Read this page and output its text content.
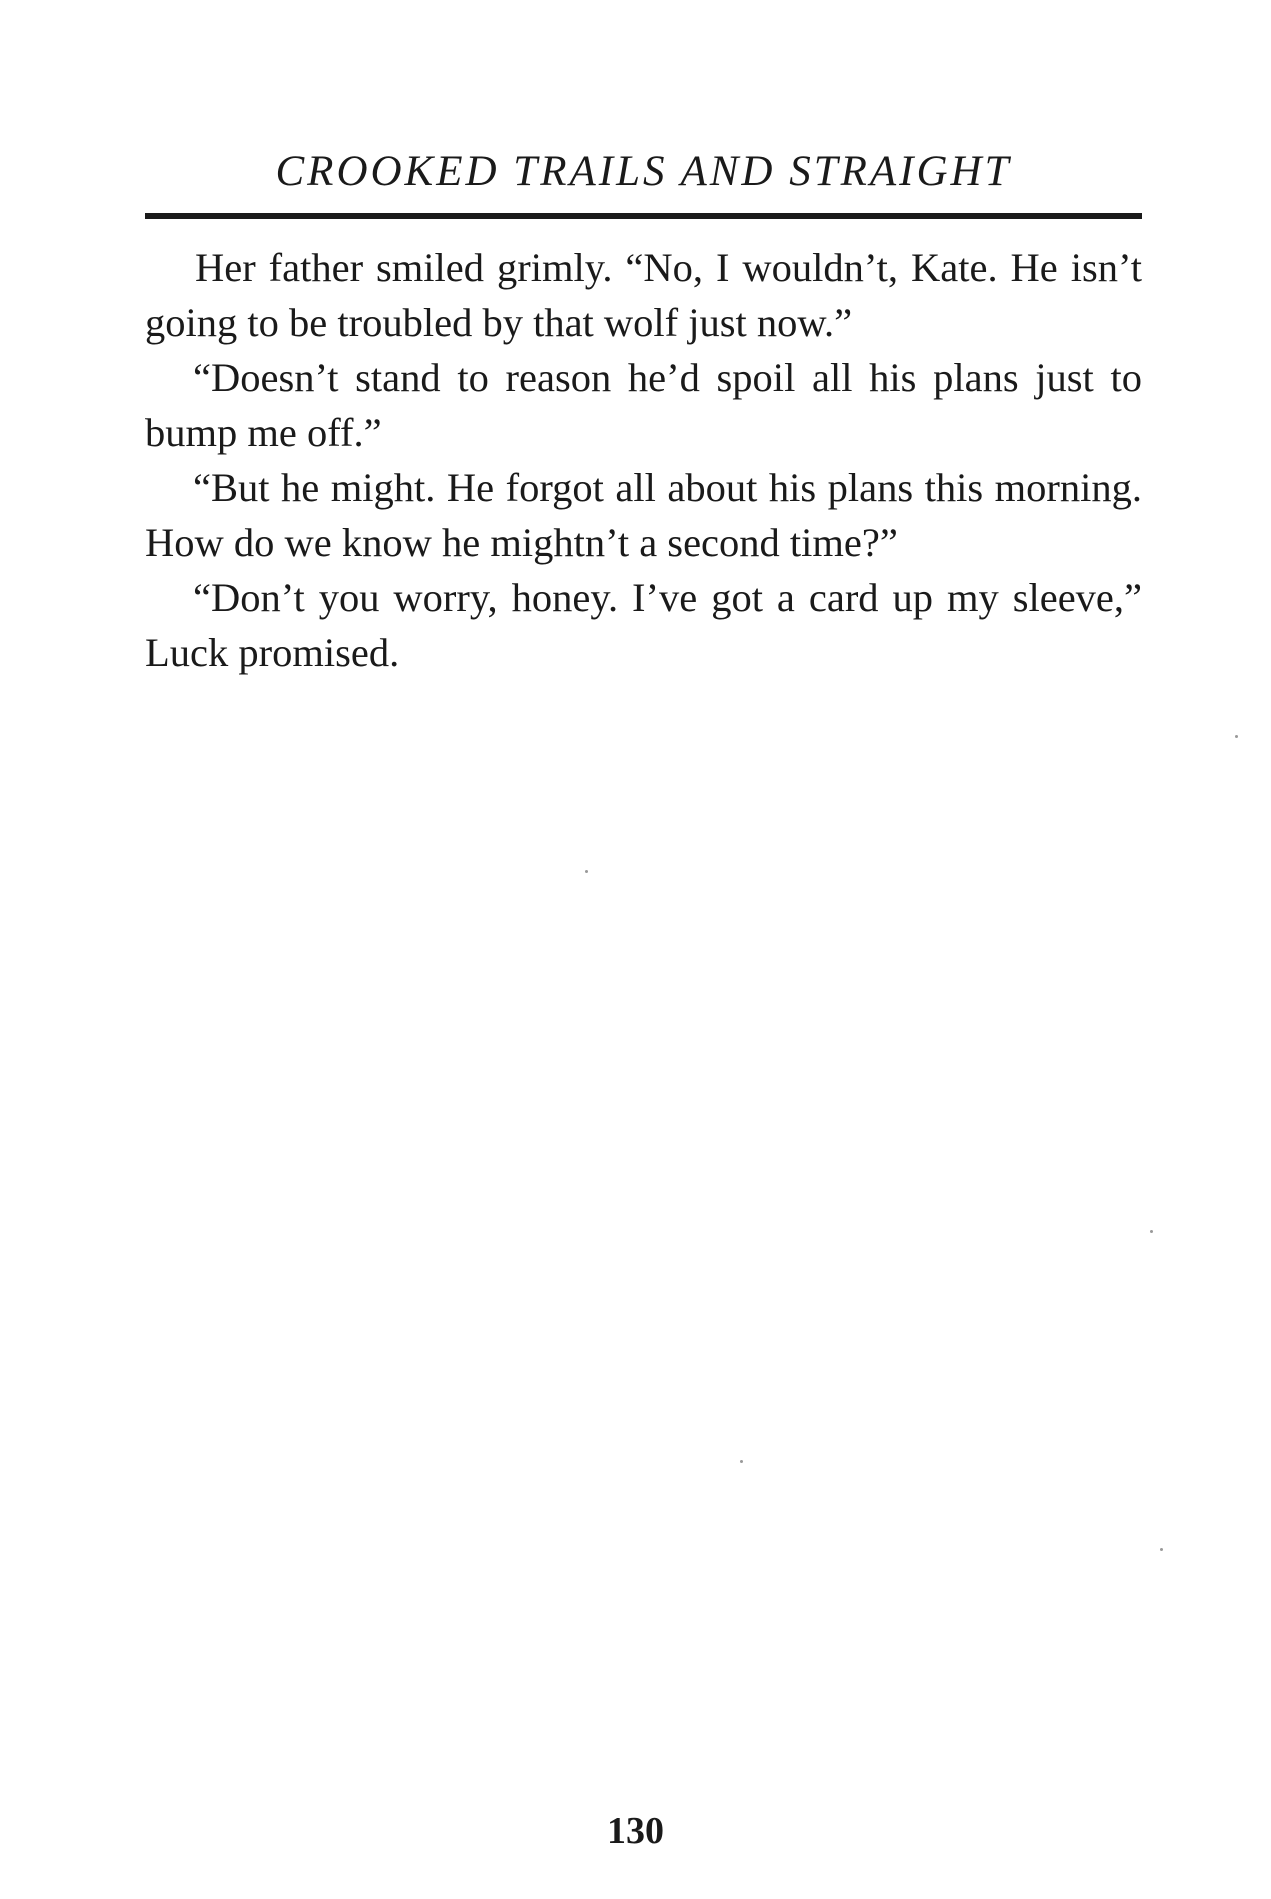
CROOKED TRAILS AND STRAIGHT

Her father smiled grimly. “No, I wouldn’t, Kate. He isn’t going to be troubled by that wolf just now.”

“Doesn’t stand to reason he’d spoil all his plans just to bump me off.”

“But he might. He forgot all about his plans this morning. How do we know he mightn’t a second time?”

“Don’t you worry, honey. I’ve got a card up my sleeve,” Luck promised.

130
